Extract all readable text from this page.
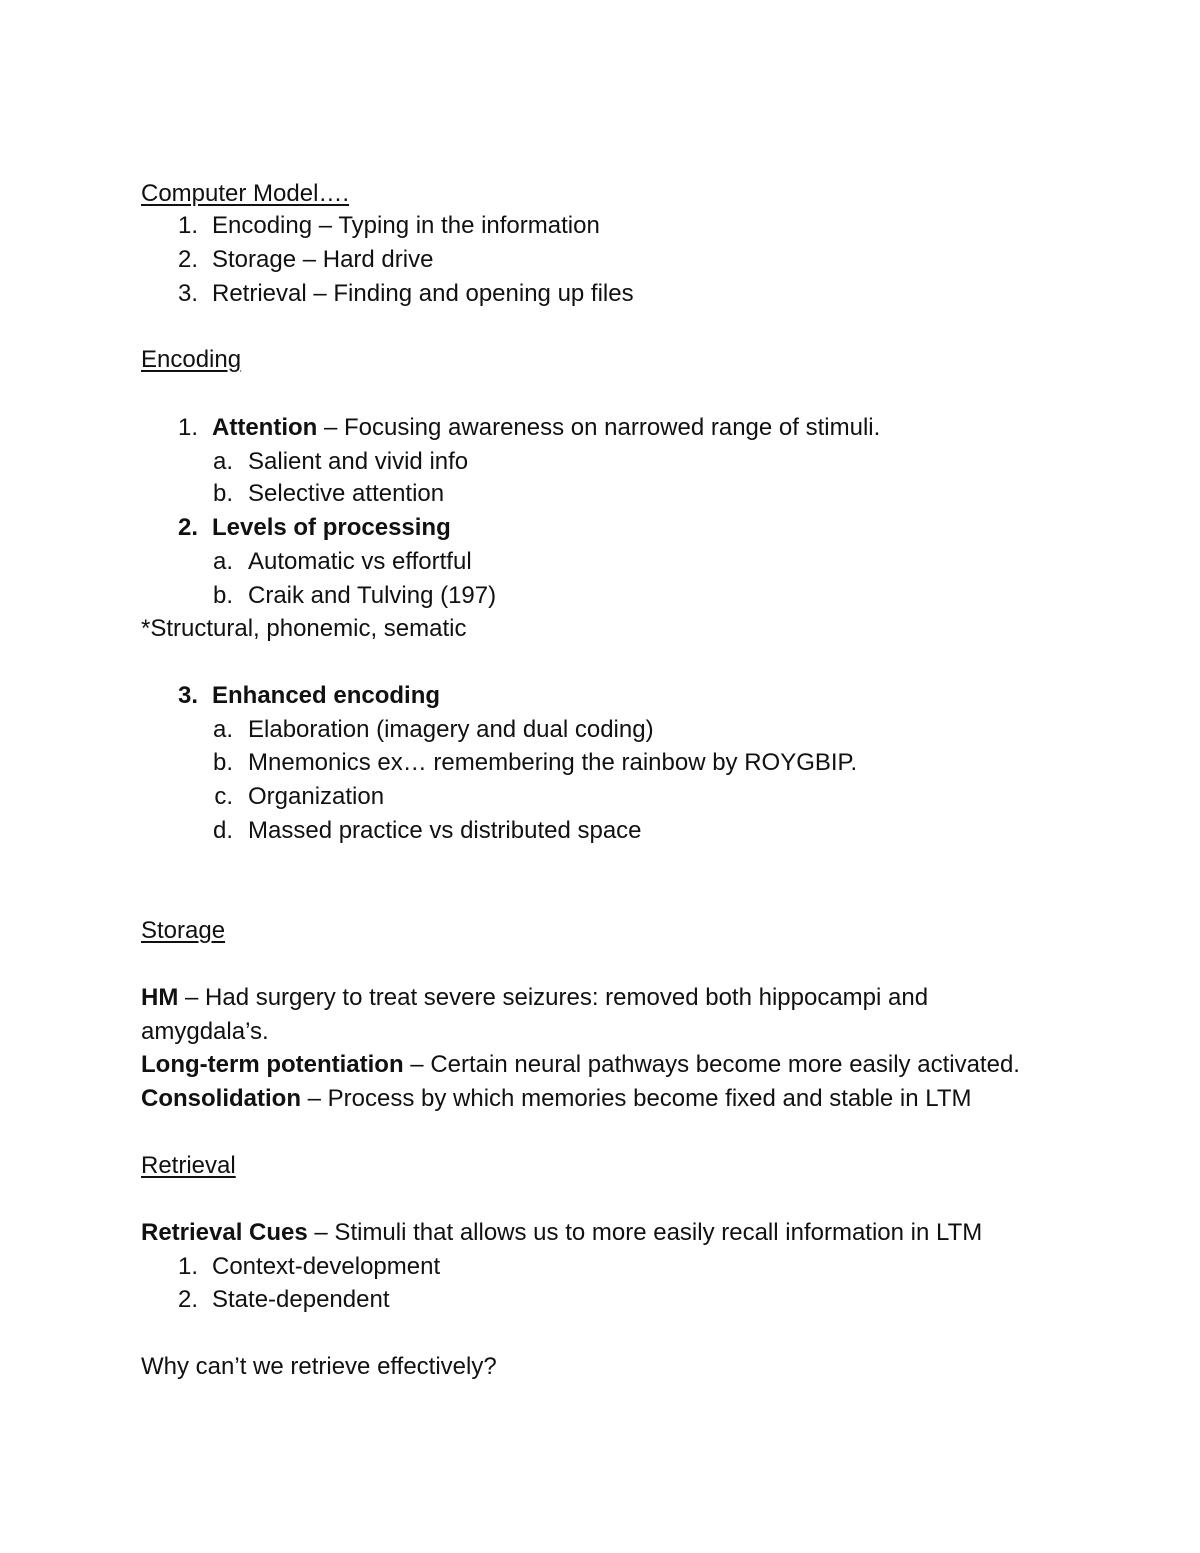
Computer Model….
1. Encoding – Typing in the information
2. Storage – Hard drive
3. Retrieval – Finding and opening up files
Encoding
1. Attention – Focusing awareness on narrowed range of stimuli.
a. Salient and vivid info
b. Selective attention
2. Levels of processing
a. Automatic vs effortful
b. Craik and Tulving (197)
*Structural, phonemic, sematic
3. Enhanced encoding
a. Elaboration (imagery and dual coding)
b. Mnemonics ex… remembering the rainbow by ROYGBIP.
c. Organization
d. Massed practice vs distributed space
Storage
HM – Had surgery to treat severe seizures: removed both hippocampi and
amygdala’s.
Long-term potentiation – Certain neural pathways become more easily activated.
Consolidation – Process by which memories become fixed and stable in LTM
Retrieval
Retrieval Cues – Stimuli that allows us to more easily recall information in LTM
1. Context-development
2. State-dependent
Why can’t we retrieve effectively?
